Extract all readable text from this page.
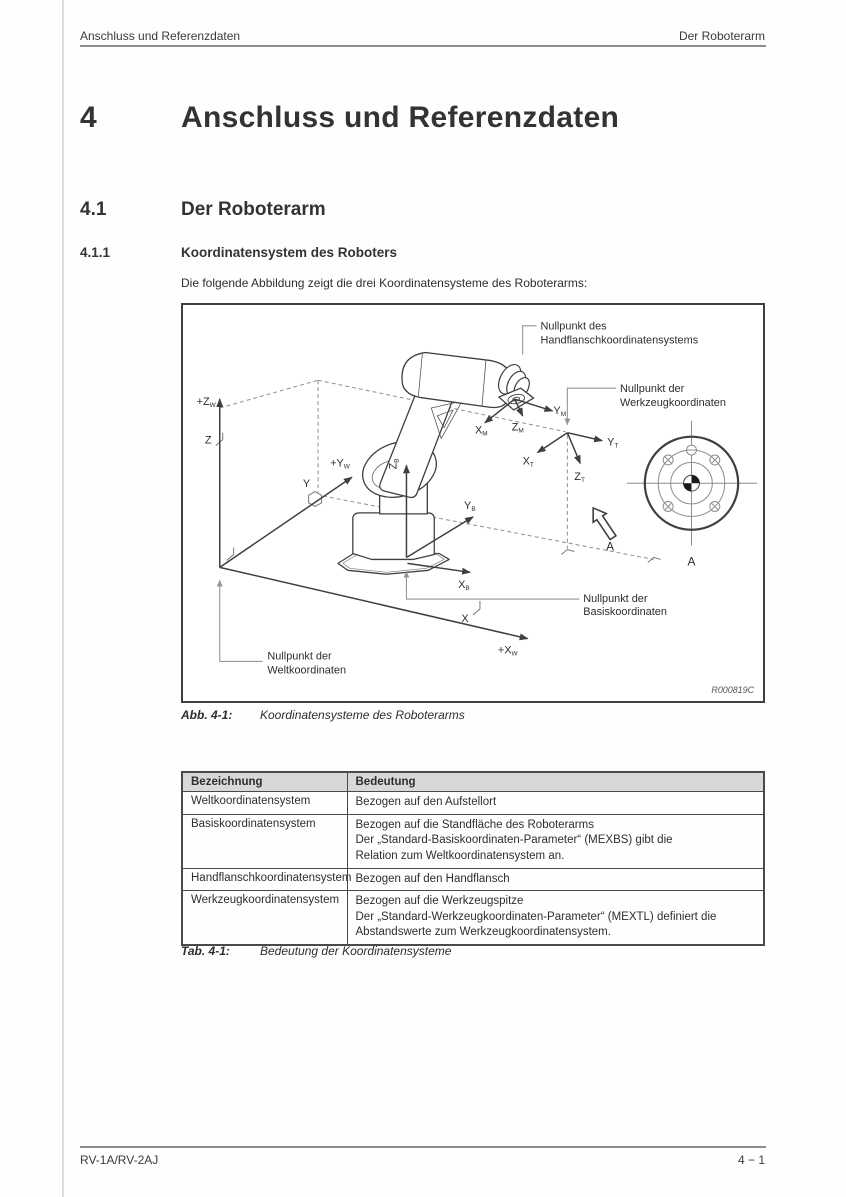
Anschluss und Referenzdaten	Der Roboterarm
4	Anschluss und Referenzdaten
4.1	Der Roboterarm
4.1.1	Koordinatensystem des Roboters
Die folgende Abbildung zeigt die drei Koordinatensysteme des Roboterarms:
Nullpunkt des
Handflanschkoordinatensystems
Nullpunkt der
Werkzeugkoordinaten
Nullpunkt der
Basiskoordinaten
Nullpunkt der
Weltkoordinaten
+ZW
Z
+YW
Y
X
+XW
ZB
YB
XB
XM
ZM
YM
XT
YT
ZT
A
A
R000819C
Abb. 4-1:	Koordinatensysteme des Roboterarms
Bezeichnung	Bedeutung
Weltkoordinatensystem	Bezogen auf den Aufstellort

Basiskoordinatensystem	Bezogen auf die Standfläche des Roboterarms
Der „Standard-Basiskoordinaten-Parameter“ (MEXBS) gibt die
Relation zum Weltkoordinatensystem an.

Handflanschkoordinatensystem	Bezogen auf den Handflansch

Werkzeugkoordinatensystem	Bezogen auf die Werkzeugspitze
Der „Standard-Werkzeugkoordinaten-Parameter“ (MEXTL) definiert die
Abstandswerte zum Werkzeugkoordinatensystem.
Tab. 4-1:	Bedeutung der Koordinatensysteme
RV-1A/RV-2AJ	4 − 1
